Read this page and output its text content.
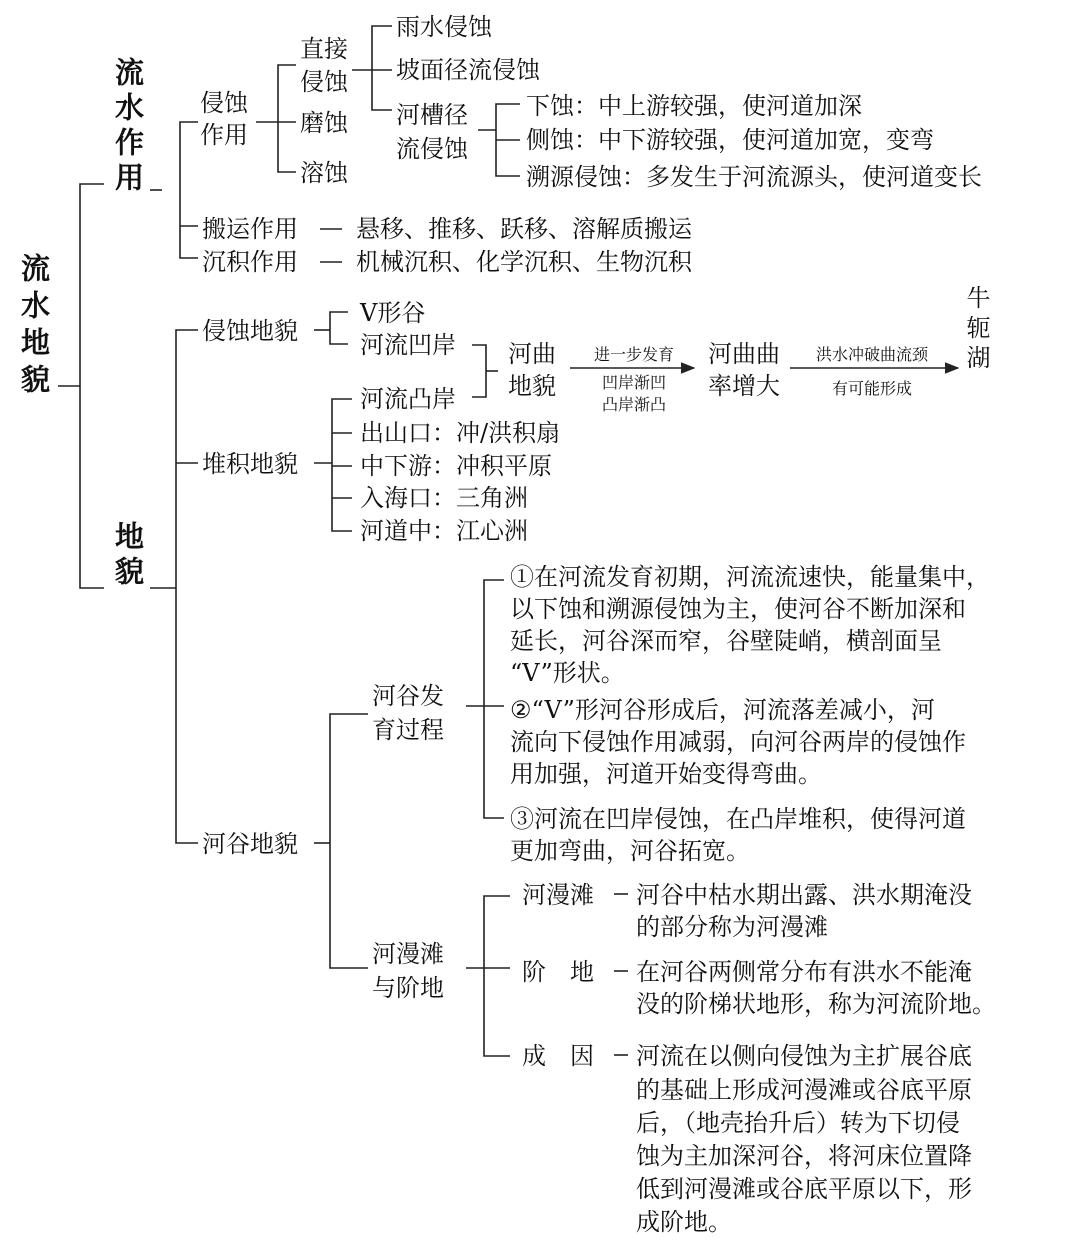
流水地貌
流水作用 侵蚀作用
直接侵蚀
雨水侵蚀
坡面径流侵蚀
河槽径流侵蚀
下蚀：中上游较强，使河道加深
侧蚀：中下游较强，使河道加宽，变弯
溯源侵蚀：多发生于河流源头，使河道变长
磨蚀
溶蚀
搬运作用 悬移、推移、跃移、溶解质搬运
沉积作用 机械沉积、化学沉积、生物沉积
地貌
侵蚀地貌
V形谷
河流凹岸 河曲地貌
进一步发育
凹岸渐凹凸岸渐凸
河曲曲率增大
洪水冲破曲流颈
有可能形成
牛轭湖
堆积地貌
河流凸岸
出山口：冲/洪积扇
中下游：冲积平原
入海口：三角洲
河道中：江心洲
河谷地貌
河谷发育过程
①在河流发育初期，河流流速快，能量集中， 以下蚀和溯源侵蚀为主，使河谷不断加深和 延长，河谷深而窄，谷壁陡峭，横剖面呈 “V”形状。
②“V”形河谷形成后，河流落差减小，河 流向下侵蚀作用减弱，向河谷两岸的侵蚀作 用加强，河道开始变得弯曲。
③河流在凹岸侵蚀，在凸岸堆积，使得河道 更加弯曲，河谷拓宽。
河漫滩与阶地
河漫滩 河谷中枯水期出露、洪水期淹没 的部分称为河漫滩
阶　地 在河谷两侧常分布有洪水不能淹 没的阶梯状地形，称为河流阶地。
成　因 河流在以侧向侵蚀为主扩展谷底 的基础上形成河漫滩或谷底平原 后，（地壳抬升后）转为下切侵 蚀为主加深河谷，将河床位置降 低到河漫滩或谷底平原以下，形 成阶地。
